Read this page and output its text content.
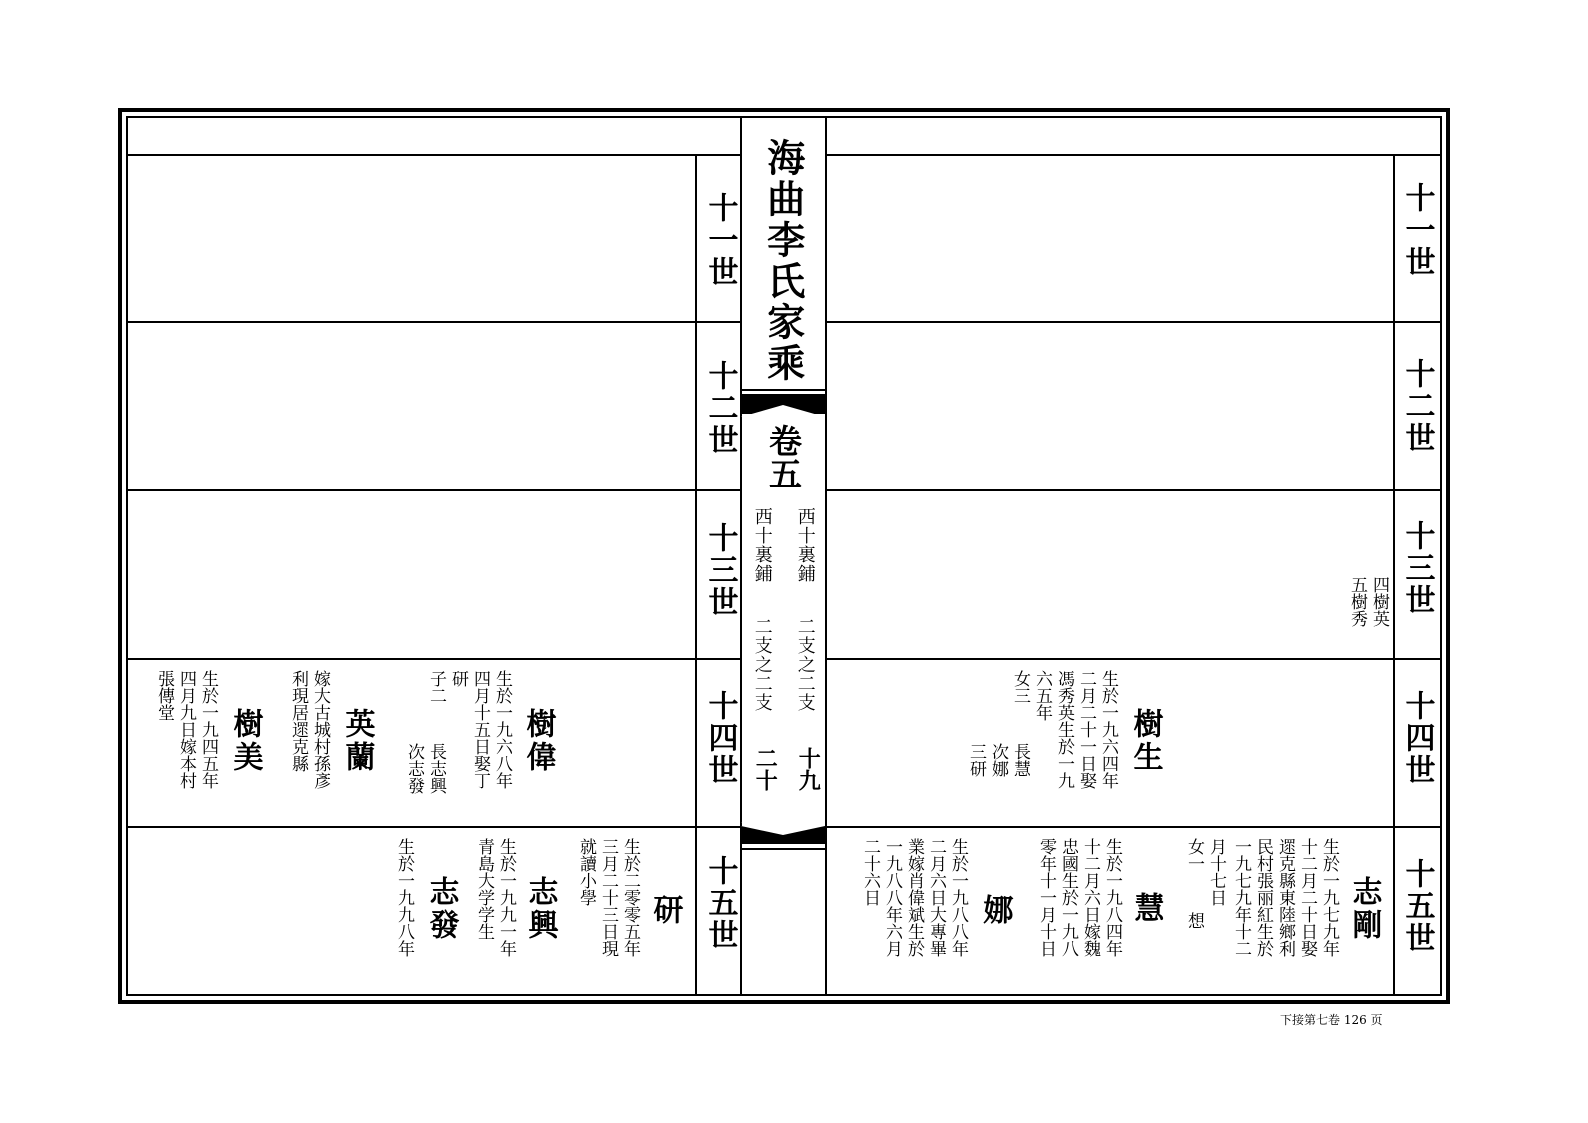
海曲李氏家乘
卷五
西十裏鋪
二支之二支
十九
西十裏鋪
二支之二支
二十
十一世
十二世
十三世
十四世
十五世
十一世
十二世
十三世
十四世
十五世
四樹英
五樹秀
樹生
生於一九六四年
二月二十一日娶
馮秀英生於一九
六五年
女三
長慧
次娜
三研
志剛
生於一九七九年
十二月二十日娶
遝克縣東陸鄉利
民村張丽紅生於
一九七九年十二
月十七日
女一
想
慧
生於一九八四年
十二月六日嫁魏
忠國生於一九八
零年十一月十日
娜
生於一九八八年
二月六日大專畢
業嫁肖偉斌生於
一九八八年六月
二十六日
樹偉
生於一九六八年
四月十五日娶丁
研
子二
長志興
次志發
英蘭
嫁大古城村孫彥
利現居遝克縣
樹美
生於一九四五年
四月九日嫁本村
張傳堂
研
生於二零零五年
三月二十三日現
就讀小學
志興
生於一九九一年
青島大学学生
志發
生於一九九八年
下接第七卷 126 页
